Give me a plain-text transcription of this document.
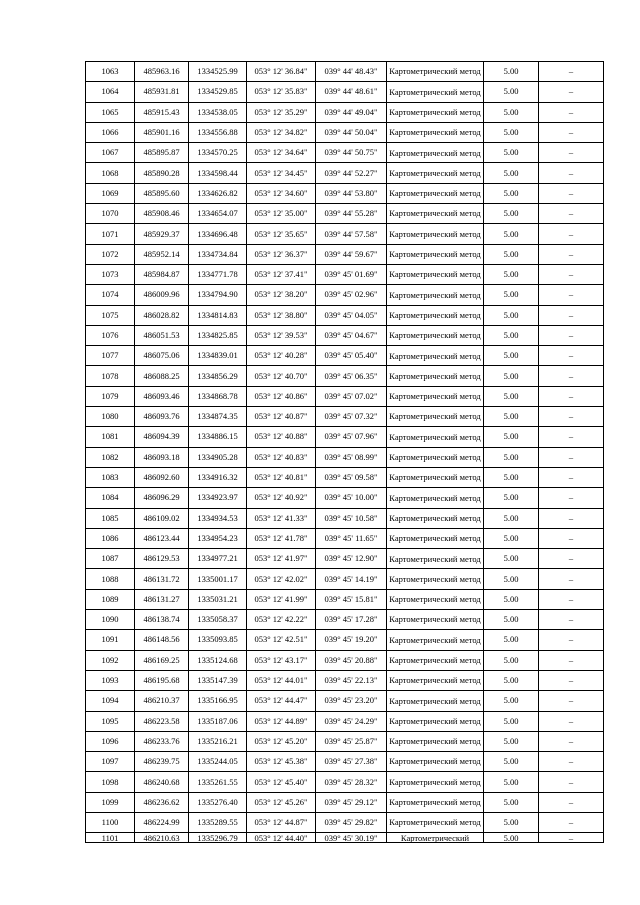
1063	485963.16	1334525.99	053° 12' 36.84"	039° 44' 48.43"	Картометрический метод	5.00	–
1064	485931.81	1334529.85	053° 12' 35.83"	039° 44' 48.61"	Картометрический метод	5.00	–
1065	485915.43	1334538.05	053° 12' 35.29"	039° 44' 49.04"	Картометрический метод	5.00	–
1066	485901.16	1334556.88	053° 12' 34.82"	039° 44' 50.04"	Картометрический метод	5.00	–
1067	485895.87	1334570.25	053° 12' 34.64"	039° 44' 50.75"	Картометрический метод	5.00	–
1068	485890.28	1334598.44	053° 12' 34.45"	039° 44' 52.27"	Картометрический метод	5.00	–
1069	485895.60	1334626.82	053° 12' 34.60"	039° 44' 53.80"	Картометрический метод	5.00	–
1070	485908.46	1334654.07	053° 12' 35.00"	039° 44' 55.28"	Картометрический метод	5.00	–
1071	485929.37	1334696.48	053° 12' 35.65"	039° 44' 57.58"	Картометрический метод	5.00	–
1072	485952.14	1334734.84	053° 12' 36.37"	039° 44' 59.67"	Картометрический метод	5.00	–
1073	485984.87	1334771.78	053° 12' 37.41"	039° 45' 01.69"	Картометрический метод	5.00	–
1074	486009.96	1334794.90	053° 12' 38.20"	039° 45' 02.96"	Картометрический метод	5.00	–
1075	486028.82	1334814.83	053° 12' 38.80"	039° 45' 04.05"	Картометрический метод	5.00	–
1076	486051.53	1334825.85	053° 12' 39.53"	039° 45' 04.67"	Картометрический метод	5.00	–
1077	486075.06	1334839.01	053° 12' 40.28"	039° 45' 05.40"	Картометрический метод	5.00	–
1078	486088.25	1334856.29	053° 12' 40.70"	039° 45' 06.35"	Картометрический метод	5.00	–
1079	486093.46	1334868.78	053° 12' 40.86"	039° 45' 07.02"	Картометрический метод	5.00	–
1080	486093.76	1334874.35	053° 12' 40.87"	039° 45' 07.32"	Картометрический метод	5.00	–
1081	486094.39	1334886.15	053° 12' 40.88"	039° 45' 07.96"	Картометрический метод	5.00	–
1082	486093.18	1334905.28	053° 12' 40.83"	039° 45' 08.99"	Картометрический метод	5.00	–
1083	486092.60	1334916.32	053° 12' 40.81"	039° 45' 09.58"	Картометрический метод	5.00	–
1084	486096.29	1334923.97	053° 12' 40.92"	039° 45' 10.00"	Картометрический метод	5.00	–
1085	486109.02	1334934.53	053° 12' 41.33"	039° 45' 10.58"	Картометрический метод	5.00	–
1086	486123.44	1334954.23	053° 12' 41.78"	039° 45' 11.65"	Картометрический метод	5.00	–
1087	486129.53	1334977.21	053° 12' 41.97"	039° 45' 12.90"	Картометрический метод	5.00	–
1088	486131.72	1335001.17	053° 12' 42.02"	039° 45' 14.19"	Картометрический метод	5.00	–
1089	486131.27	1335031.21	053° 12' 41.99"	039° 45' 15.81"	Картометрический метод	5.00	–
1090	486138.74	1335058.37	053° 12' 42.22"	039° 45' 17.28"	Картометрический метод	5.00	–
1091	486148.56	1335093.85	053° 12' 42.51"	039° 45' 19.20"	Картометрический метод	5.00	–
1092	486169.25	1335124.68	053° 12' 43.17"	039° 45' 20.88"	Картометрический метод	5.00	–
1093	486195.68	1335147.39	053° 12' 44.01"	039° 45' 22.13"	Картометрический метод	5.00	–
1094	486210.37	1335166.95	053° 12' 44.47"	039° 45' 23.20"	Картометрический метод	5.00	–
1095	486223.58	1335187.06	053° 12' 44.89"	039° 45' 24.29"	Картометрический метод	5.00	–
1096	486233.76	1335216.21	053° 12' 45.20"	039° 45' 25.87"	Картометрический метод	5.00	–
1097	486239.75	1335244.05	053° 12' 45.38"	039° 45' 27.38"	Картометрический метод	5.00	–
1098	486240.68	1335261.55	053° 12' 45.40"	039° 45' 28.32"	Картометрический метод	5.00	–
1099	486236.62	1335276.40	053° 12' 45.26"	039° 45' 29.12"	Картометрический метод	5.00	–
1100	486224.99	1335289.55	053° 12' 44.87"	039° 45' 29.82"	Картометрический метод	5.00	–
1101	486210.63	1335296.79	053° 12' 44.40"	039° 45' 30.19"	Картометрический	5.00	–
